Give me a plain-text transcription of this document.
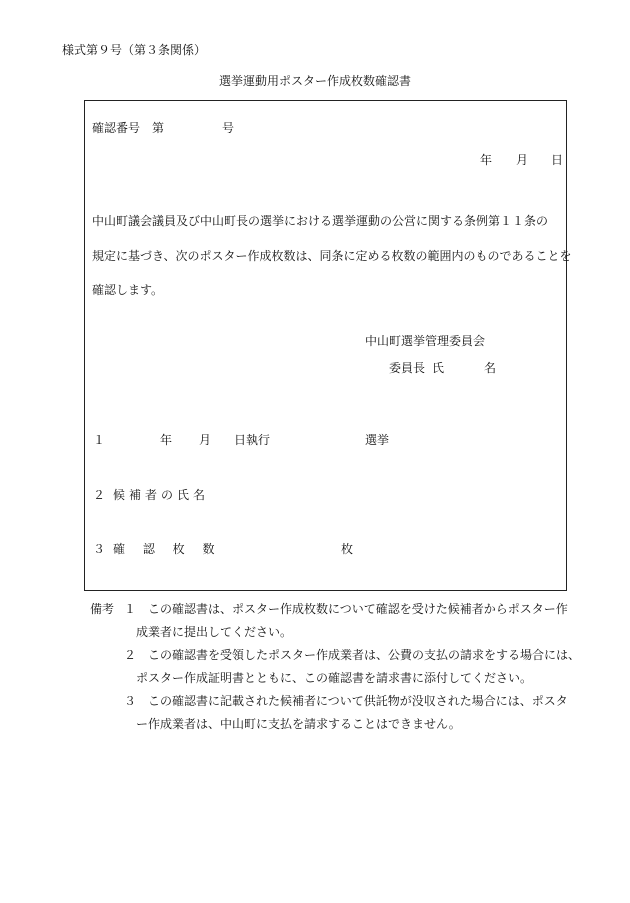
様式第９号（第３条関係）
選挙運動用ポスター作成枚数確認書
確認番号 第	号
年 月 日
中山町議会議員及び中山町長の選挙における選挙運動の公営に関する条例第１１条の
規定に基づき、次のポスター作成枚数は、同条に定める枚数の範囲内のものであることを
確認します。
中山町選挙管理委員会
委員長 氏	名
１	年 月 日執行	選挙
２ 候補者の氏名
３ 確 認 枚 数	枚
備考 １ この確認書は、ポスター作成枚数について確認を受けた候補者からポスター作
成業者に提出してください。
２ この確認書を受領したポスター作成業者は、公費の支払の請求をする場合には、
ポスター作成証明書とともに、この確認書を請求書に添付してください。
３ この確認書に記載された候補者について供託物が没収された場合には、ポスタ
ー作成業者は、中山町に支払を請求することはできません。
